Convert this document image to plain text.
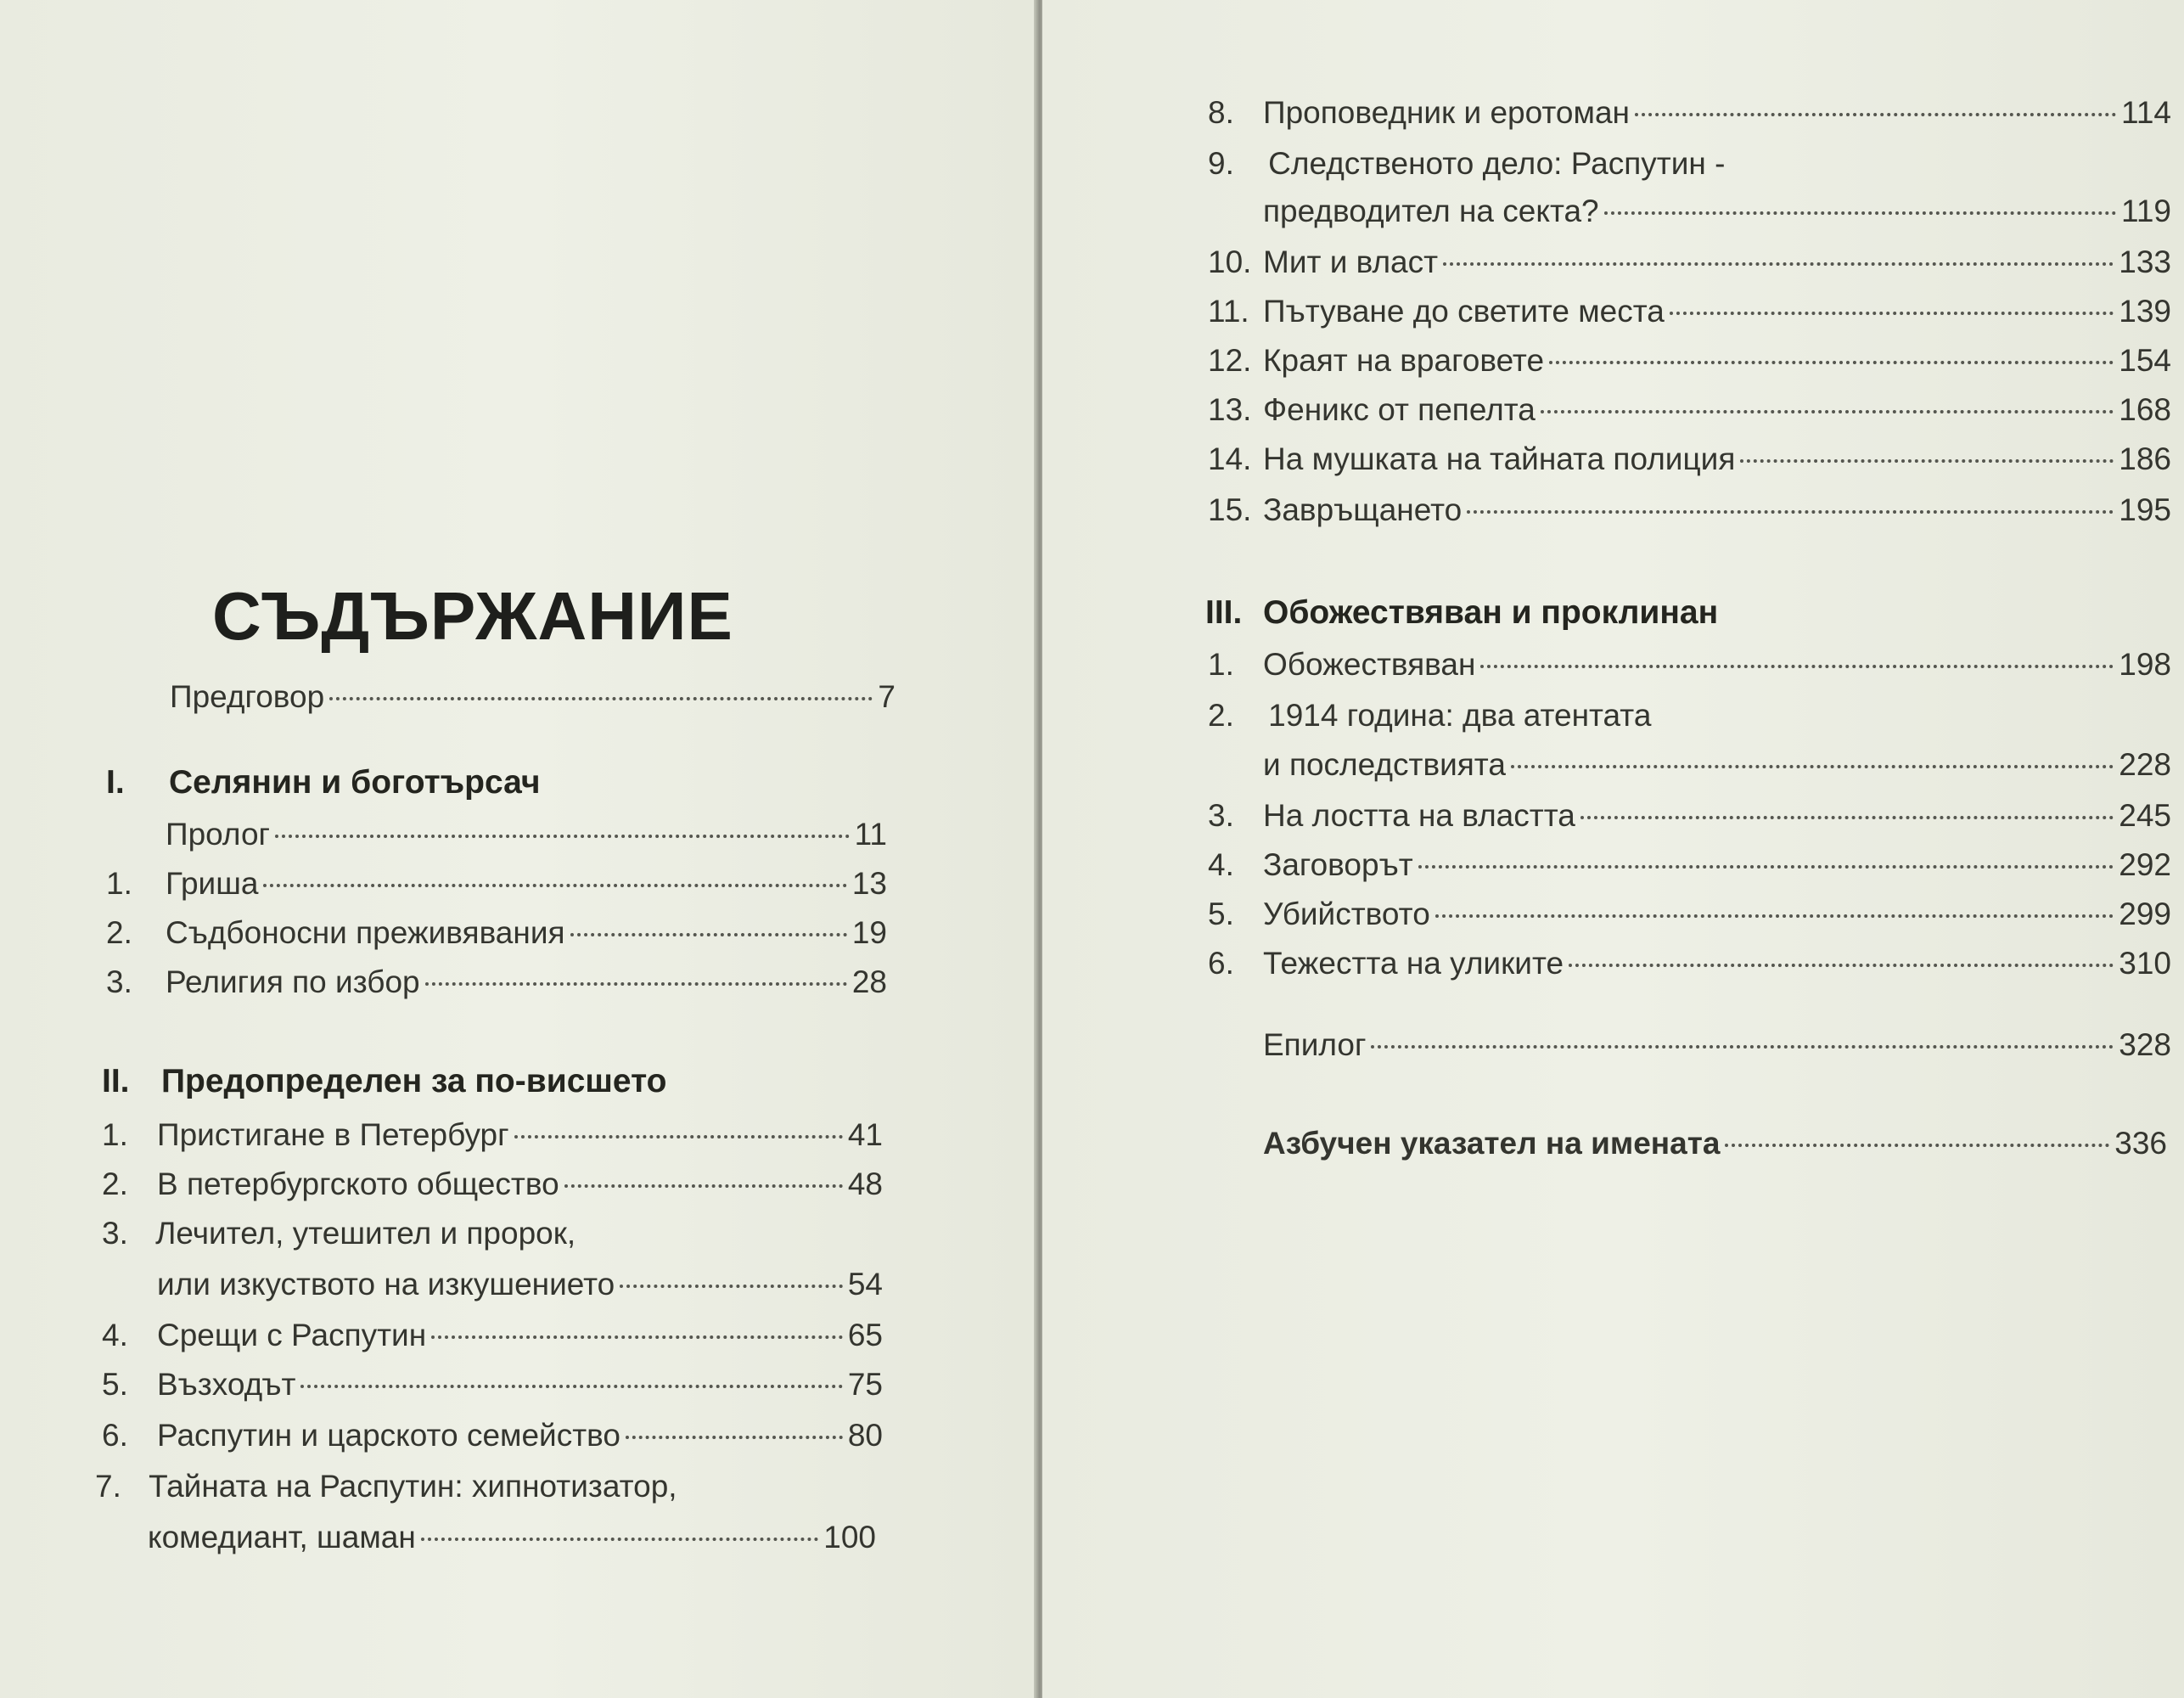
СЪДЪРЖАНИЕ
Предговор	7
I. Селянин и боготърсач
Пролог	11
1. Гриша	13
2. Съдбоносни преживявания	19
3. Религия по избор	28
II. Предопределен за по-висшето
1. Пристигане в Петербург	41
2. В петербургското общество	48
3. Лечител, утешител и пророк,
или изкуството на изкушението	54
4. Срещи с Распутин	65
5. Възходът	75
6. Распутин и царското семейство	80
7. Тайната на Распутин: хипнотизатор,
комедиант, шаман	100
8. Проповедник и еротоман	114
9. Следственото дело: Распутин -
предводител на секта?	119
10. Мит и власт	133
11. Пътуване до светите места	139
12. Краят на враговете	154
13. Феникс от пепелта	168
14. На мушката на тайната полиция	186
15. Завръщането	195
III. Обожествяван и проклинан
1. Обожествяван	198
2. 1914 година: два атентата
и последствията	228
3. На лостта на властта	245
4. Заговорът	292
5. Убийството	299
6. Тежестта на уликите	310
Епилог	328
Азбучен указател на имената	336
